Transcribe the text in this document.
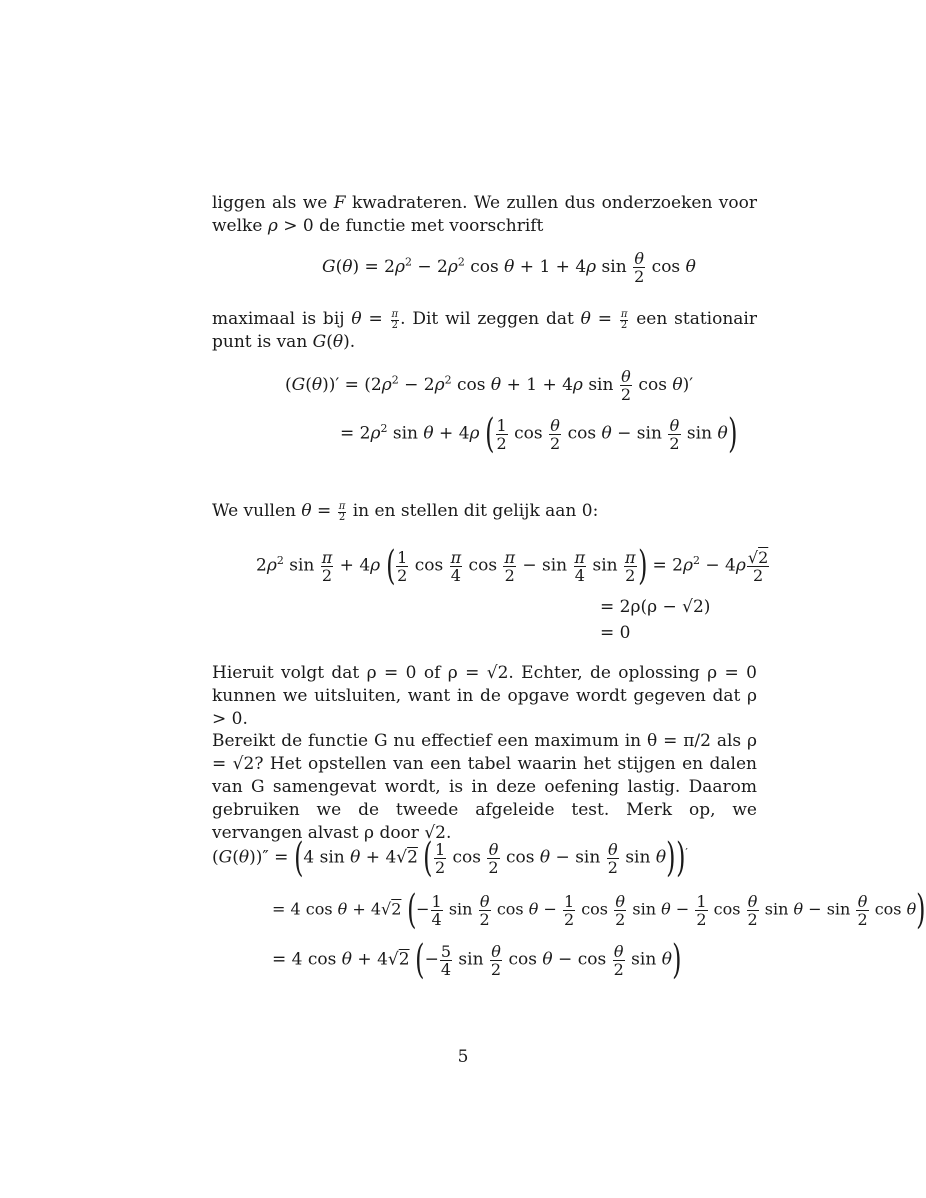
liggen als we F kwadrateren. We zullen dus onderzoeken voor welke ρ > 0 de functie met voorschrift

$G(\theta) = 2\rho^2 - 2\rho^2$ cos θ + 1 + 4ρ $\sin \frac{\theta}{2}$ cos θ

maximaal is bij $\theta = \frac{\pi}{2}$ . Dit wil zeggen dat $\theta = \frac{\pi}{2}$ een stationair punt is van G(θ).

$(G(\theta))' = (2\rho^2 - 2\rho^2$ cos θ + 1 + 4ρ $\sin \frac{\theta}{2}$ cos θ)′
= $2\rho^2$ sin θ + 4ρ ( $\frac{1}{2}$ $\cos \frac{\theta}{2}$ $\cos \theta - \sin \frac{\theta}{2}$ sin θ)

We vullen $\theta = \frac{\pi}{2}$ in en stellen dit gelijk aan 0:

$2\rho^2$ $\sin \frac{\pi}{2} + 4\rho$ ( $\frac{1}{2}$ $\cos \frac{\pi}{4}$ $\cos \frac{\pi}{2} - \sin \frac{\pi}{4}$ $\sin \frac{\pi}{2}$ ) = $2\rho^2 - 4\rho \frac{√2}{2}$
= 2ρ(ρ − √2)
= 0

Hieruit volgt dat ρ = 0 of ρ = √2. Echter, de oplossing ρ = 0 kunnen we uitsluiten, want in de opgave wordt gegeven dat ρ > 0.

Bereikt de functie G nu effectief een maximum in θ = π/2 als ρ = √2? Het opstellen van een tabel waarin het stijgen en dalen van G samengevat wordt, is in deze oefening lastig. Daarom gebruiken we de tweede afgeleide test. Merk op, we vervangen alvast ρ door √2.

(G(θ))″ = (4 sin θ + 4√2 ( $\frac{1}{2}$ $\cos \frac{\theta}{2}$ $\cos \theta - \sin \frac{\theta}{2}$ sin θ))′
= 4 cos θ + 4√2 (− $\frac{1}{4}$ $\sin \frac{\theta}{2}$ $\cos \theta - \frac{1}{2}$ $\cos \frac{\theta}{2}$ $\sin \theta - \frac{1}{2}$ $\cos \frac{\theta}{2}$ $\sin \theta - \sin \frac{\theta}{2}$ cos θ)
= 4 cos θ + 4√2 (− $\frac{5}{4}$ $\sin \frac{\theta}{2}$ $\cos \theta - \cos \frac{\theta}{2}$ sin θ)
5
